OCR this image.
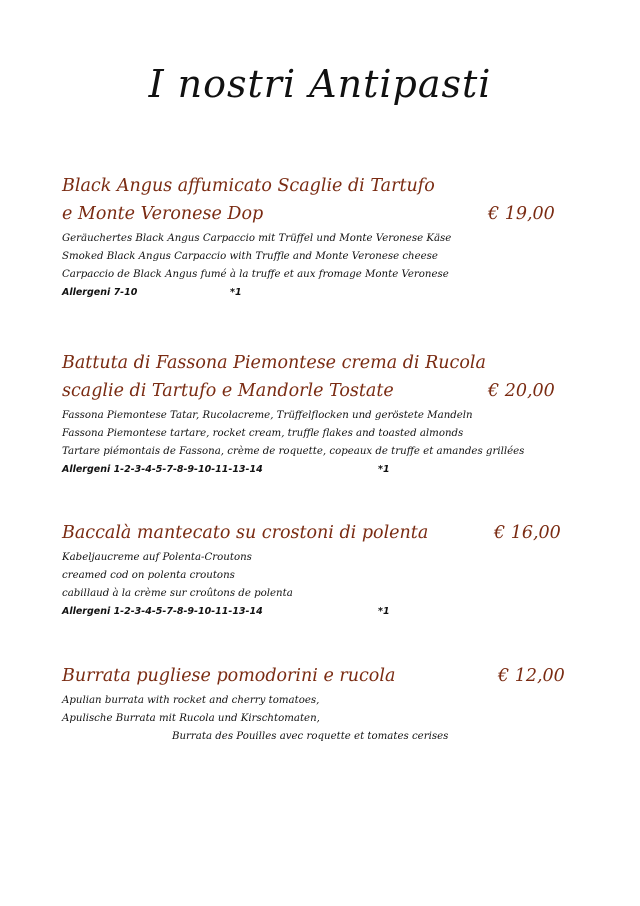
I nostri Antipasti
Black Angus affumicato Scaglie di Tartufo
e Monte Veronese Dop	€ 19,00
Geräuchertes Black Angus Carpaccio mit Trüffel und Monte Veronese Käse
Smoked Black Angus Carpaccio with Truffle and Monte Veronese cheese
Carpaccio de Black Angus fumé à la truffe et aux fromage Monte Veronese
Allergeni 7-10	*1
Battuta di Fassona Piemontese crema di Rucola
scaglie di Tartufo e Mandorle Tostate	€ 20,00
Fassona Piemontese Tatar, Rucolacreme, Trüffelflocken und geröstete Mandeln
Fassona Piemontese tartare, rocket cream, truffle flakes and toasted almonds
Tartare piémontais de Fassona, crème de roquette, copeaux de truffe et amandes grillées
Allergeni 1-2-3-4-5-7-8-9-10-11-13-14	*1
Baccalà mantecato su crostoni di polenta	€ 16,00
Kabeljaucreme auf Polenta-Croutons
creamed cod on polenta croutons
cabillaud à la crème sur croûtons de polenta
Allergeni 1-2-3-4-5-7-8-9-10-11-13-14	*1
Burrata pugliese pomodorini e rucola	€ 12,00
Apulian burrata with rocket and cherry tomatoes,
Apulische Burrata mit Rucola und Kirschtomaten,
Burrata des Pouilles avec roquette et tomates cerises
